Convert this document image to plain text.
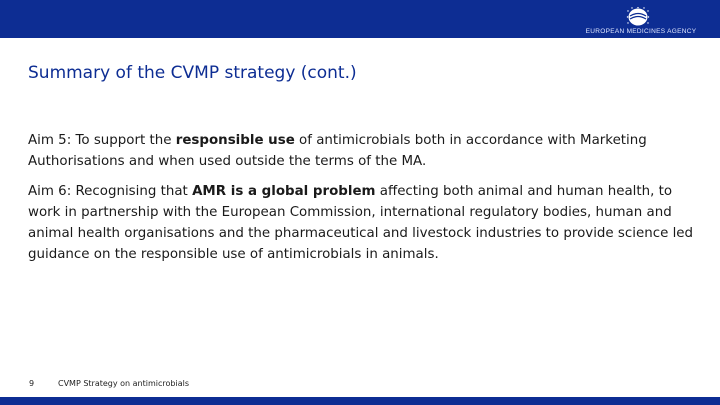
EUROPEAN MEDICINES AGENCY
Summary of the CVMP strategy (cont.)

Aim 5: To support the responsible use of antimicrobials both in accordance with Marketing Authorisations and when used outside the terms of the MA.

Aim 6: Recognising that AMR is a global problem affecting both animal and human health, to work in partnership with the European Commission, international regulatory bodies, human and animal health organisations and the pharmaceutical and livestock industries to provide science led guidance on the responsible use of antimicrobials in animals.

9	CVMP Strategy on antimicrobials
